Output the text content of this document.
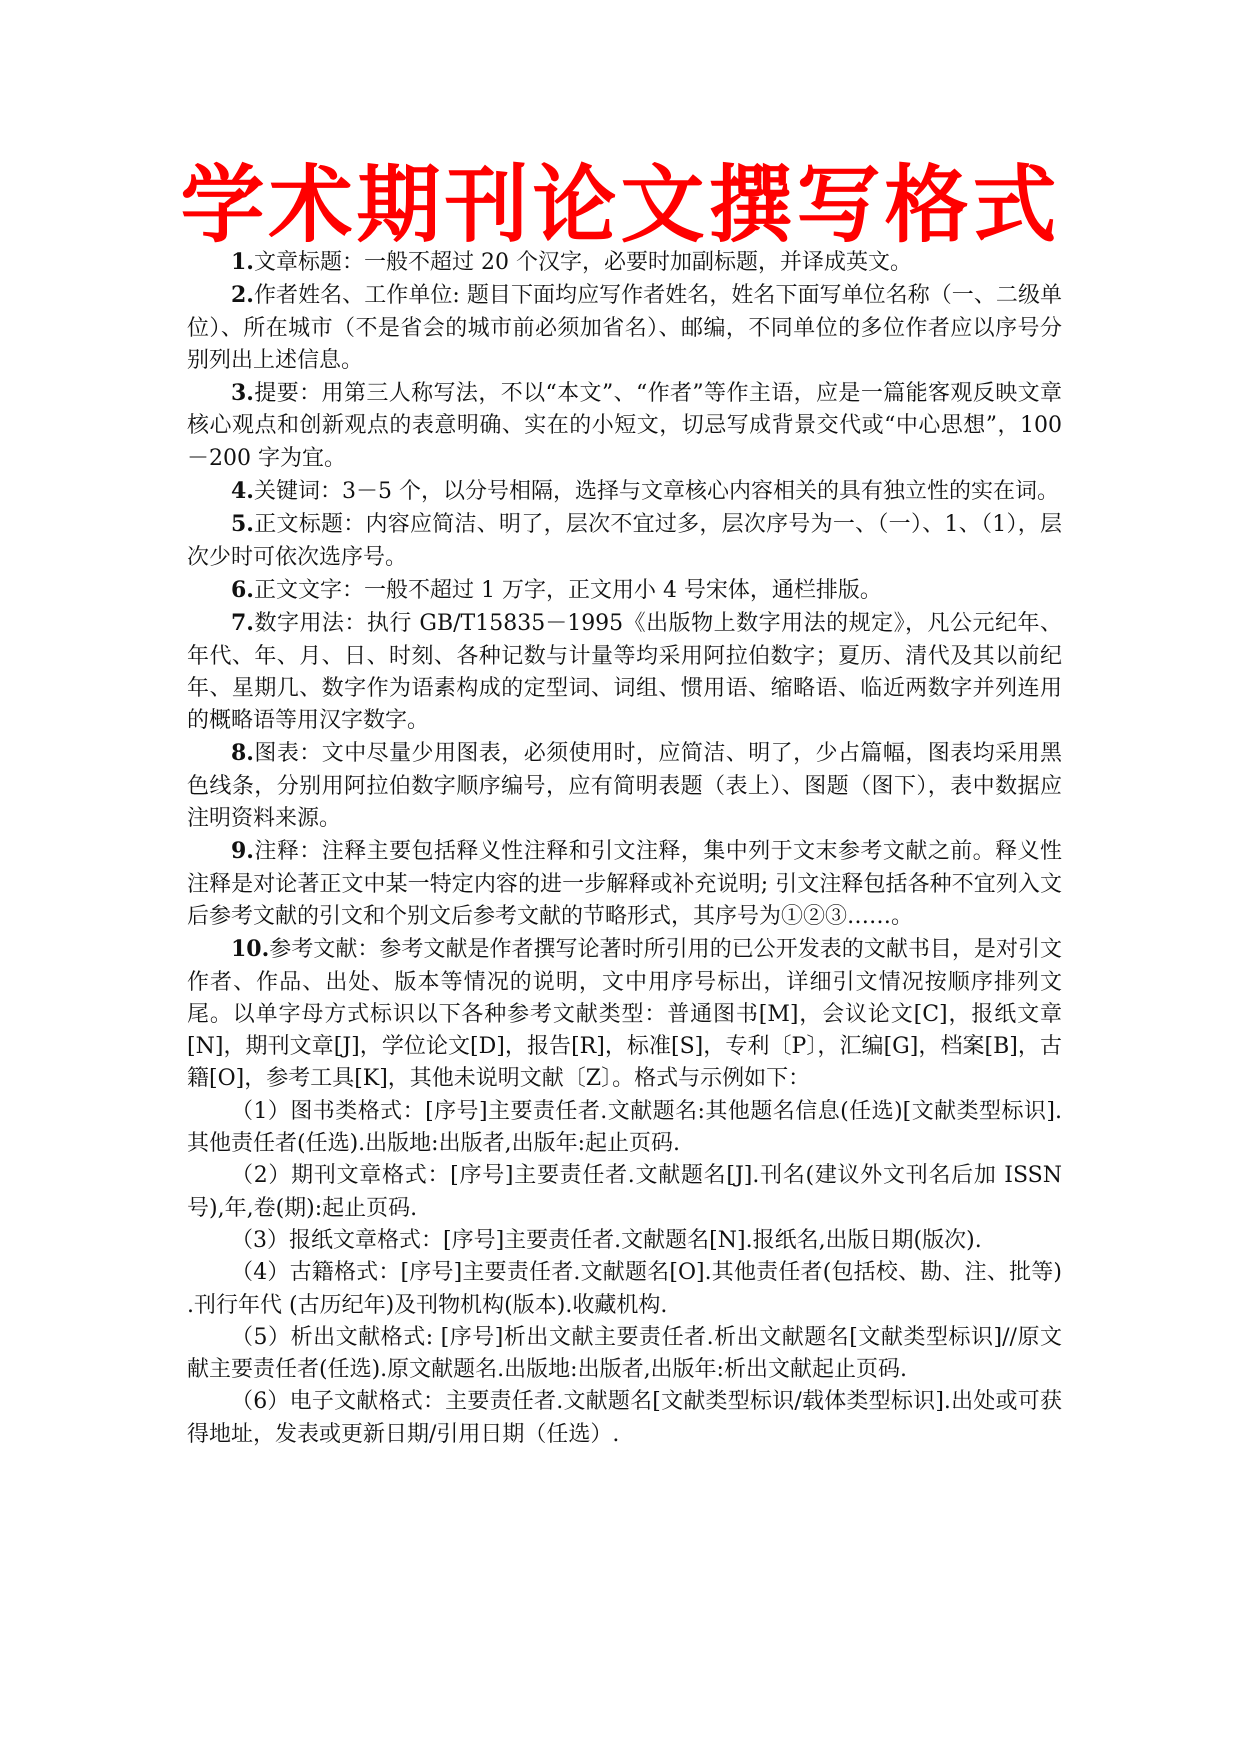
学术期刊论文撰写格式

1.文章标题：一般不超过 20 个汉字，必要时加副标题，并译成英文。

2.作者姓名、工作单位: 题目下面均应写作者姓名，姓名下面写单位名称（一、二级单位）、所在城市（不是省会的城市前必须加省名）、邮编，不同单位的多位作者应以序号分别列出上述信息。

3.提要：用第三人称写法，不以“本文”、“作者”等作主语，应是一篇能客观反映文章核心观点和创新观点的表意明确、实在的小短文，切忌写成背景交代或“中心思想”，100－200 字为宜。

4.关键词：3－5 个，以分号相隔，选择与文章核心内容相关的具有独立性的实在词。

5.正文标题：内容应简洁、明了，层次不宜过多，层次序号为一、（一）、1、（1），层次少时可依次选序号。

6.正文文字：一般不超过 1 万字，正文用小 4 号宋体，通栏排版。

7.数字用法：执行 GB/T15835－1995《出版物上数字用法的规定》，凡公元纪年、年代、年、月、日、时刻、各种记数与计量等均采用阿拉伯数字；夏历、清代及其以前纪年、星期几、数字作为语素构成的定型词、词组、惯用语、缩略语、临近两数字并列连用的概略语等用汉字数字。

8.图表：文中尽量少用图表，必须使用时，应简洁、明了，少占篇幅，图表均采用黑色线条，分别用阿拉伯数字顺序编号，应有简明表题（表上）、图题（图下），表中数据应注明资料来源。

9.注释：注释主要包括释义性注释和引文注释，集中列于文末参考文献之前。释义性注释是对论著正文中某一特定内容的进一步解释或补充说明; 引文注释包括各种不宜列入文后参考文献的引文和个别文后参考文献的节略形式，其序号为①②③……。

10.参考文献：参考文献是作者撰写论著时所引用的已公开发表的文献书目，是对引文作者、作品、出处、版本等情况的说明，文中用序号标出，详细引文情况按顺序排列文尾。以单字母方式标识以下各种参考文献类型：普通图书[M]，会议论文[C]，报纸文章[N]，期刊文章[J]，学位论文[D]，报告[R]，标准[S]，专利〔P〕，汇编[G]，档案[B]，古籍[O]，参考工具[K]，其他未说明文献〔Z〕。格式与示例如下：

（1）图书类格式：[序号]主要责任者.文献题名:其他题名信息(任选)[文献类型标识].其他责任者(任选).出版地:出版者,出版年:起止页码.

（2）期刊文章格式：[序号]主要责任者.文献题名[J].刊名(建议外文刊名后加 ISSN 号),年,卷(期):起止页码.

（3）报纸文章格式：[序号]主要责任者.文献题名[N].报纸名,出版日期(版次).

（4）古籍格式：[序号]主要责任者.文献题名[O].其他责任者(包括校、勘、注、批等) .刊行年代 (古历纪年)及刊物机构(版本).收藏机构.

（5）析出文献格式: [序号]析出文献主要责任者.析出文献题名[文献类型标识]//原文献主要责任者(任选).原文献题名.出版地:出版者,出版年:析出文献起止页码.

（6）电子文献格式：主要责任者.文献题名[文献类型标识/载体类型标识].出处或可获得地址，发表或更新日期/引用日期（任选）.
